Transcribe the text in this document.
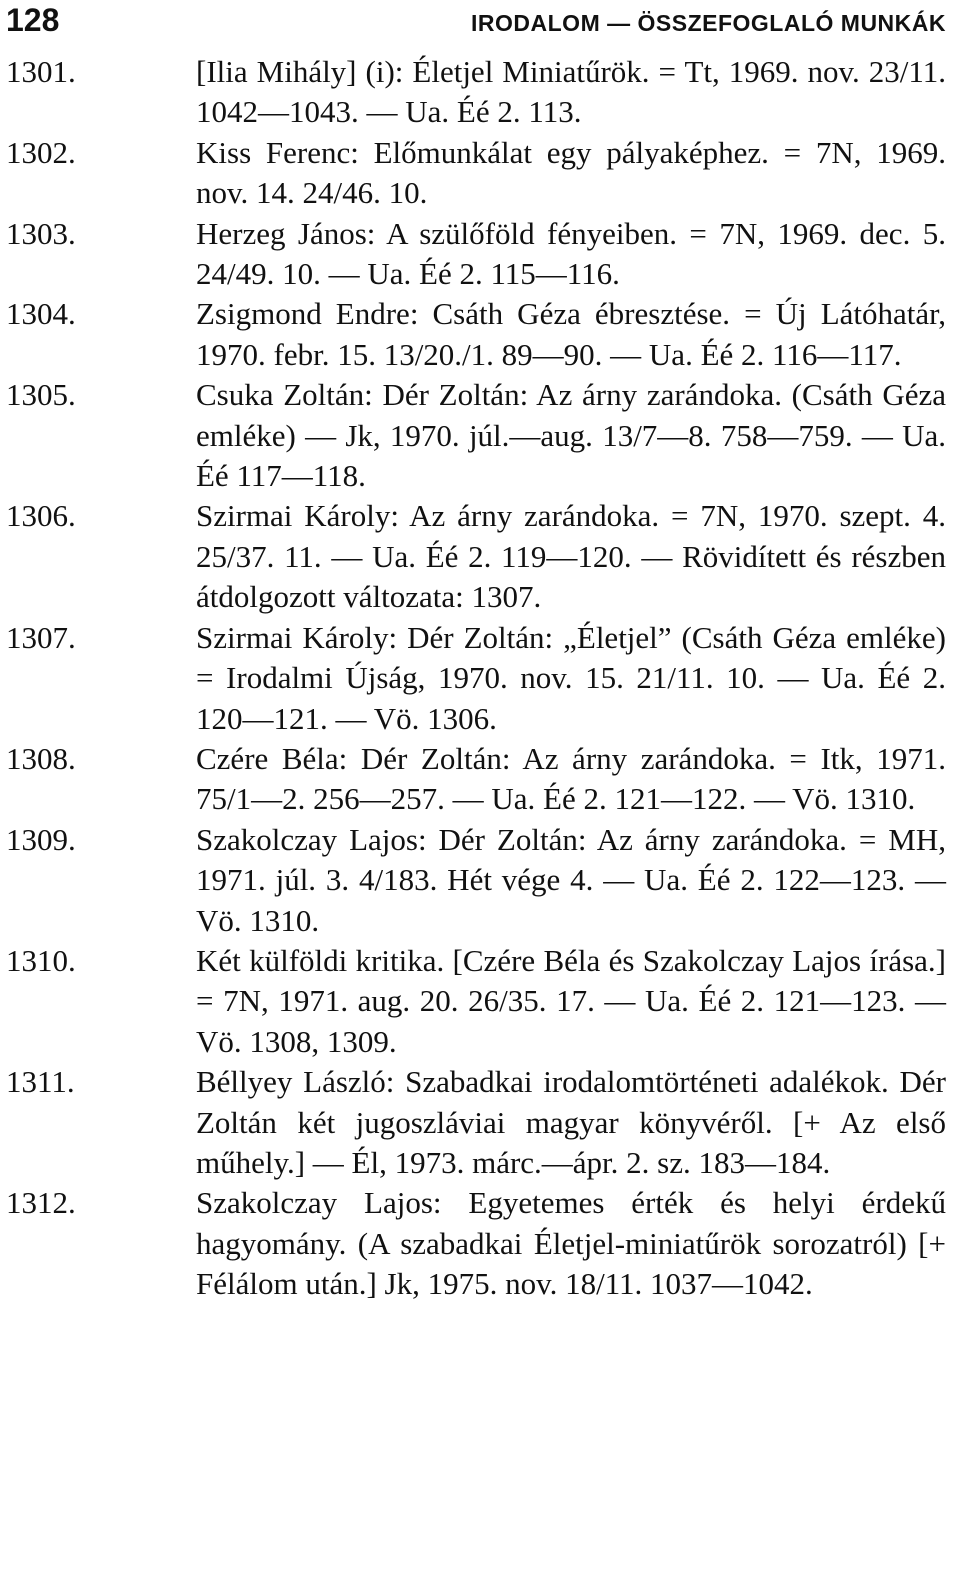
128	IRODALOM — ÖSSZEFOGLALÓ MUNKÁK
1301.	[Ilia Mihály] (i): Életjel Miniatűrök. = Tt, 1969. nov. 23/11. 1042—1043. — Ua. Éé 2. 113.
1302.	Kiss Ferenc: Előmunkálat egy pályaképhez. = 7N, 1969. nov. 14. 24/46. 10.
1303.	Herzeg János: A szülőföld fényeiben. = 7N, 1969. dec. 5. 24/49. 10. — Ua. Éé 2. 115—116.
1304.	Zsigmond Endre: Csáth Géza ébresztése. = Új Látóhatár, 1970. febr. 15. 13/20./1. 89—90. — Ua. Éé 2. 116—117.
1305.	Csuka Zoltán: Dér Zoltán: Az árny zarándoka. (Csáth Géza emléke) — Jk, 1970. júl.—aug. 13/7—8. 758—759. — Ua. Éé 117—118.
1306.	Szirmai Károly: Az árny zarándoka. = 7N, 1970. szept. 4. 25/37. 11. — Ua. Éé 2. 119—120. — Rövidített és részben átdolgozott változata: 1307.
1307.	Szirmai Károly: Dér Zoltán: „Életjel” (Csáth Géza emléke) = Irodalmi Újság, 1970. nov. 15. 21/11. 10. — Ua. Éé 2. 120—121. — Vö. 1306.
1308.	Czére Béla: Dér Zoltán: Az árny zarándoka. = Itk, 1971. 75/1—2. 256—257. — Ua. Éé 2. 121—122. — Vö. 1310.
1309.	Szakolczay Lajos: Dér Zoltán: Az árny zarándoka. = MH, 1971. júl. 3. 4/183. Hét vége 4. — Ua. Éé 2. 122—123. — Vö. 1310.
1310.	Két külföldi kritika. [Czére Béla és Szakolczay Lajos írása.] = 7N, 1971. aug. 20. 26/35. 17. — Ua. Éé 2. 121—123. — Vö. 1308, 1309.
1311.	Béllyey László: Szabadkai irodalomtörténeti adalékok. Dér Zoltán két jugoszláviai magyar könyvéről. [+ Az első műhely.] — Él, 1973. márc.—ápr. 2. sz. 183—184.
1312.	Szakolczay Lajos: Egyetemes érték és helyi érdekű hagyomány. (A szabadkai Életjel-miniatűrök sorozatról) [+ Félálom után.] Jk, 1975. nov. 18/11. 1037—1042.
